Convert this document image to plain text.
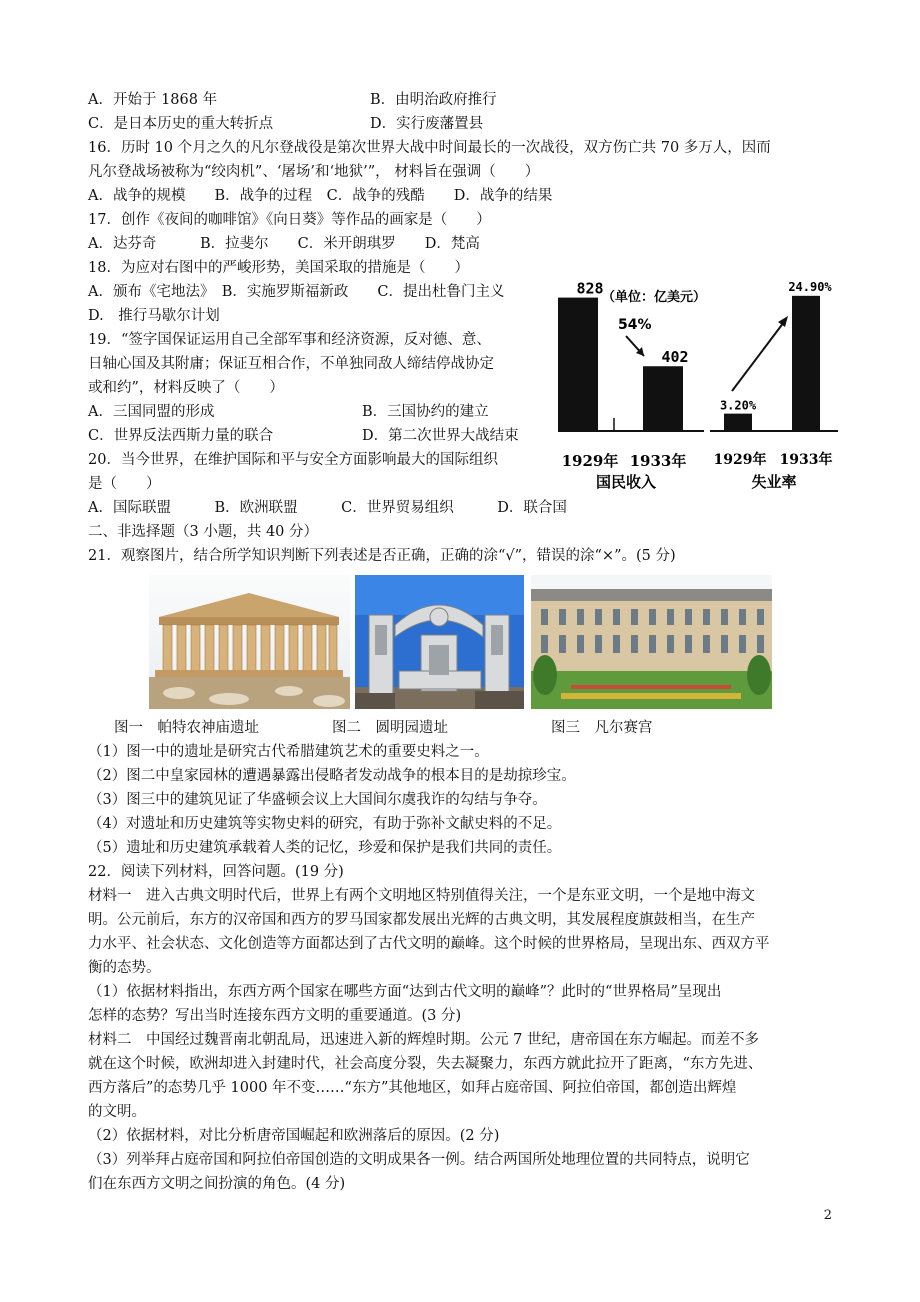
A．开始于 1868 年	B．由明治政府推行
C．是日本历史的重大转折点	D．实行废藩置县
16．历时 10 个月之久的凡尔登战役是第次世界大战中时间最长的一次战役，双方伤亡共 70 多万人，因而
凡尔登战场被称为“绞肉机”、‘屠场’和‘地狱’”， 材料旨在强调（　　）
A．战争的规模　　B．战争的过程　C．战争的残酷　　D．战争的结果
17．创作《夜间的咖啡馆》《向日葵》等作品的画家是（　　）
A．达芬奇　　　B．拉斐尔　　C．米开朗琪罗　　D．梵高
18．为应对右图中的严峻形势，美国采取的措施是（　　）
A．颁布《宅地法》　B．实施罗斯福新政　　C．提出杜鲁门主义
D.　推行马歇尔计划
19．“签字国保证运用自己全部军事和经济资源，反对德、意、
日轴心国及其附庸；保证互相合作，不单独同敌人缔结停战协定
或和约”，材料反映了（　　）
A．三国同盟的形成	B．三国协约的建立
C．世界反法西斯力量的联合	D．第二次世界大战结束
20．当今世界，在维护国际和平与安全方面影响最大的国际组织
是（　　）
A．国际联盟　　　B．欧洲联盟　　　C．世界贸易组织　　　D．联合国
（单位：亿美元）
828
402
54%
1929年 1933年
国民收入
3.20%
24.90%
1929年 1933年
失业率
二、非选择题（3 小题，共 40 分）
21．观察图片，结合所学知识判断下列表述是否正确，正确的涂“√”，错误的涂“×”。(5 分)
图一　帕特农神庙遗址	图二　圆明园遗址	图三　凡尔赛宫
（1）图一中的遗址是研究古代希腊建筑艺术的重要史料之一。
（2）图二中皇家园林的遭遇暴露出侵略者发动战争的根本目的是劫掠珍宝。
（3）图三中的建筑见证了华盛顿会议上大国间尔虞我诈的勾结与争夺。
（4）对遗址和历史建筑等实物史料的研究，有助于弥补文献史料的不足。
（5）遗址和历史建筑承载着人类的记忆，珍爱和保护是我们共同的责任。
22．阅读下列材料，回答问题。(19 分)
材料一　进入古典文明时代后，世界上有两个文明地区特别值得关注，一个是东亚文明，一个是地中海文
明。公元前后，东方的汉帝国和西方的罗马国家都发展出光辉的古典文明，其发展程度旗鼓相当，在生产
力水平、社会状态、文化创造等方面都达到了古代文明的巅峰。这个时候的世界格局，呈现出东、西双方平
衡的态势。
（1）依据材料指出，东西方两个国家在哪些方面“达到古代文明的巅峰”？此时的“世界格局”呈现出
怎样的态势？写出当时连接东西方文明的重要通道。(3 分)
材料二　中国经过魏晋南北朝乱局，迅速进入新的辉煌时期。公元 7 世纪，唐帝国在东方崛起。而差不多
就在这个时候，欧洲却进入封建时代，社会高度分裂，失去凝聚力，东西方就此拉开了距离，“东方先进、
西方落后”的态势几乎 1000 年不变……“东方”其他地区，如拜占庭帝国、阿拉伯帝国，都创造出辉煌
的文明。
（2）依据材料，对比分析唐帝国崛起和欧洲落后的原因。(2 分)
（3）列举拜占庭帝国和阿拉伯帝国创造的文明成果各一例。结合两国所处地理位置的共同特点，说明它
们在东西方文明之间扮演的角色。(4 分)
2
